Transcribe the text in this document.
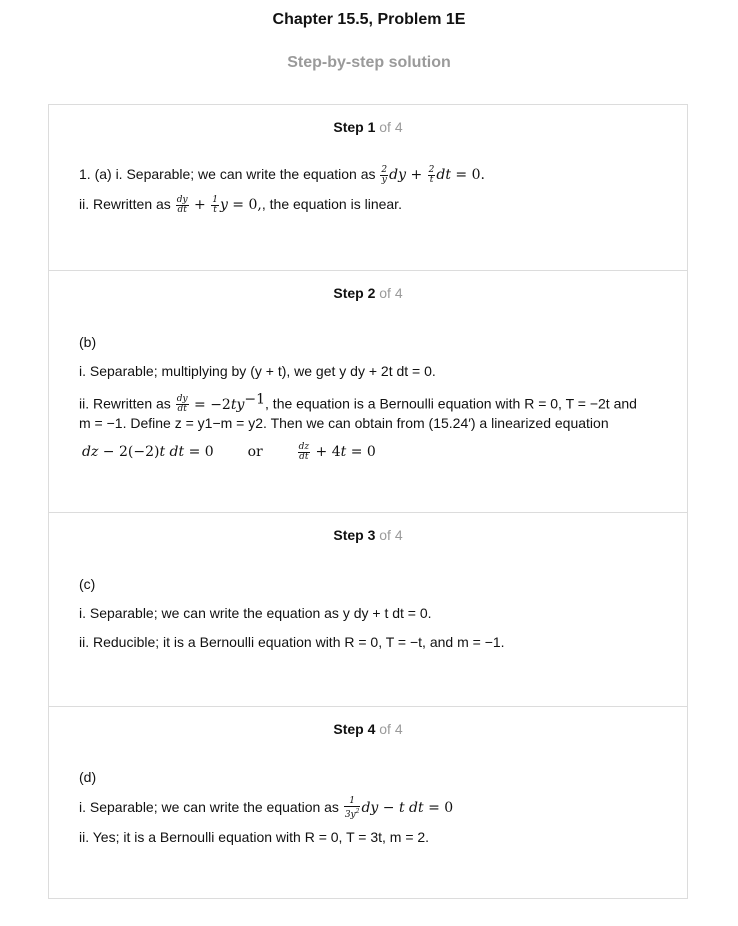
Chapter 15.5, Problem 1E
Step-by-step solution
Step 1 of 4
1. (a) i. Separable; we can write the equation as $\frac{2}{y}$ dy + $\frac{2}{t}$ dt = 0.
ii. Rewritten as $\frac{dy}{dt} + \frac{1}{t}$ y = 0,, the equation is linear.
Step 2 of 4
(b)
i. Separable; multiplying by (y + t), we get y dy + 2t dt = 0.
ii. Rewritten as $\frac{dy}{dt} = -2ty^{-1}$, the equation is a Bernoulli equation with R = 0, T = −2t and
m = −1. Define z = y1−m = y2. Then we can obtain from (15.24′) a linearized equation
dz − 2(−2)t dt = 0 or	$\frac{dz}{dt} + 4t = 0$
Step 3 of 4
(c)
i. Separable; we can write the equation as y dy + t dt = 0.
ii. Reducible; it is a Bernoulli equation with R = 0, T = −t, and m = −1.
Step 4 of 4
(d)
i. Separable; we can write the equation as $\frac{1}{3y^2}$ dy − t dt = 0
ii. Yes; it is a Bernoulli equation with R = 0, T = 3t, m = 2.
